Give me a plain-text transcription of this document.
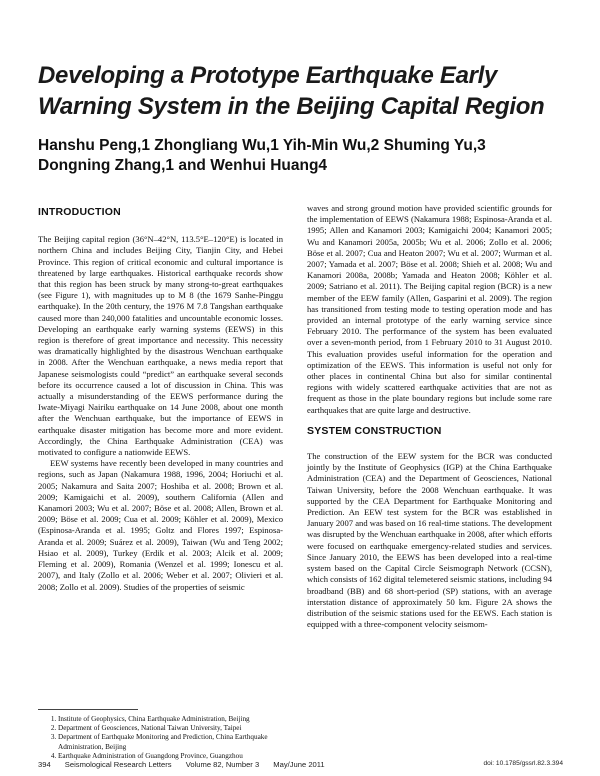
Developing a Prototype Earthquake Early Warning System in the Beijing Capital Region
Hanshu Peng,1 Zhongliang Wu,1 Yih-Min Wu,2 Shuming Yu,3 Dongning Zhang,1 and Wenhui Huang4
INTRODUCTION

The Beijing capital region (36°N–42°N, 113.5°E–120°E) is located in northern China and includes Beijing City, Tianjin City, and Hebei Province. This region of critical economic and cultural importance is threatened by large earthquakes. Historical earthquake records show that this region has been struck by many strong-to-great earthquakes (see Figure 1), with magnitudes up to M 8 (the 1679 Sanhe-Pinggu earthquake). In the 20th century, the 1976 M 7.8 Tangshan earthquake caused more than 240,000 fatalities and uncountable economic losses. Developing an earthquake early warning systems (EEWS) in this region is therefore of great importance and necessity. This necessity was dramatically highlighted by the disastrous Wenchuan earthquake in 2008. After the Wenchuan earthquake, a news media report that Japanese seismologists could “predict” an earthquake several seconds before its occurrence caused a lot of discussion in China. This was actually a misunderstanding of the EEWS performance during the Iwate-Miyagi Nairiku earthquake on 14 June 2008, about one month after the Wenchuan earthquake, but the importance of EEWS in earthquake disaster mitigation has become more and more evident. Accordingly, the China Earthquake Administration (CEA) was motivated to configure a nationwide EEWS.

EEW systems have recently been developed in many countries and regions, such as Japan (Nakamura 1988, 1996, 2004; Horiuchi et al. 2005; Nakamura and Saita 2007; Hoshiba et al. 2008; Brown et al. 2009; Kamigaichi et al. 2009), southern California (Allen and Kanamori 2003; Wu et al. 2007; Böse et al. 2008; Allen, Brown et al. 2009; Böse et al. 2009; Cua et al. 2009; Köhler et al. 2009), Mexico (Espinosa-Aranda et al. 1995; Goltz and Flores 1997; Espinosa-Aranda et al. 2009; Suárez et al. 2009), Taiwan (Wu and Teng 2002; Hsiao et al. 2009), Turkey (Erdik et al. 2003; Alcik et al. 2009; Fleming et al. 2009), Romania (Wenzel et al. 1999; Ionescu et al. 2007), and Italy (Zollo et al. 2006; Weber et al. 2007; Olivieri et al. 2008; Zollo et al. 2009). Studies of the properties of seismic

waves and strong ground motion have provided scientific grounds for the implementation of EEWS (Nakamura 1988; Espinosa-Aranda et al. 1995; Allen and Kanamori 2003; Kamigaichi 2004; Kanamori 2005; Wu and Kanamori 2005a, 2005b; Wu et al. 2006; Zollo et al. 2006; Böse et al. 2007; Cua and Heaton 2007; Wu et al. 2007; Wurman et al. 2007; Yamada et al. 2007; Böse et al. 2008; Shieh et al. 2008; Wu and Kanamori 2008a, 2008b; Yamada and Heaton 2008; Köhler et al. 2009; Satriano et al. 2011). The Beijing capital region (BCR) is a new member of the EEW family (Allen, Gasparini et al. 2009). The region has transitioned from testing mode to testing operation mode and has provided an internal prototype of the early warning service since February 2010. The performance of the system has been evaluated over a seven-month period, from 1 February 2010 to 31 August 2010. This evaluation provides useful information for the operation and optimization of the EEWS. This information is useful not only for other places in continental China but also for similar continental regions with widely scattered earthquake activities that are not as frequent as those in the plate boundary regions but include some rare earthquakes that are quite large and destructive.

SYSTEM CONSTRUCTION

The construction of the EEW system for the BCR was conducted jointly by the Institute of Geophysics (IGP) at the China Earthquake Administration (CEA) and the Department of Geosciences, National Taiwan University, before the 2008 Wenchuan earthquake. It was supported by the CEA Department for Earthquake Monitoring and Prediction. An EEW test system for the BCR was established in January 2007 and was based on 16 real-time stations. The development was disrupted by the Wenchuan earthquake in 2008, after which efforts were focused on earthquake emergency-related studies and services. Since January 2010, the EEWS has been developed into a real-time system based on the Capital Circle Seismograph Network (CCSN), which consists of 162 digital telemetered seismic stations, including 94 broadband (BB) and 68 short-period (SP) stations, with an average interstation distance of approximately 50 km. Figure 2A shows the distribution of the seismic stations used for the EEWS. Each station is equipped with a three-component velocity seismom-

1. Institute of Geophysics, China Earthquake Administration, Beijing
2. Department of Geosciences, National Taiwan University, Taipei
3. Department of Earthquake Monitoring and Prediction, China Earthquake Administration, Beijing
4. Earthquake Administration of Guangdong Province, Guangzhou
394 Seismological Research Letters Volume 82, Number 3 May/June 2011	doi: 10.1785/gssrl.82.3.394
